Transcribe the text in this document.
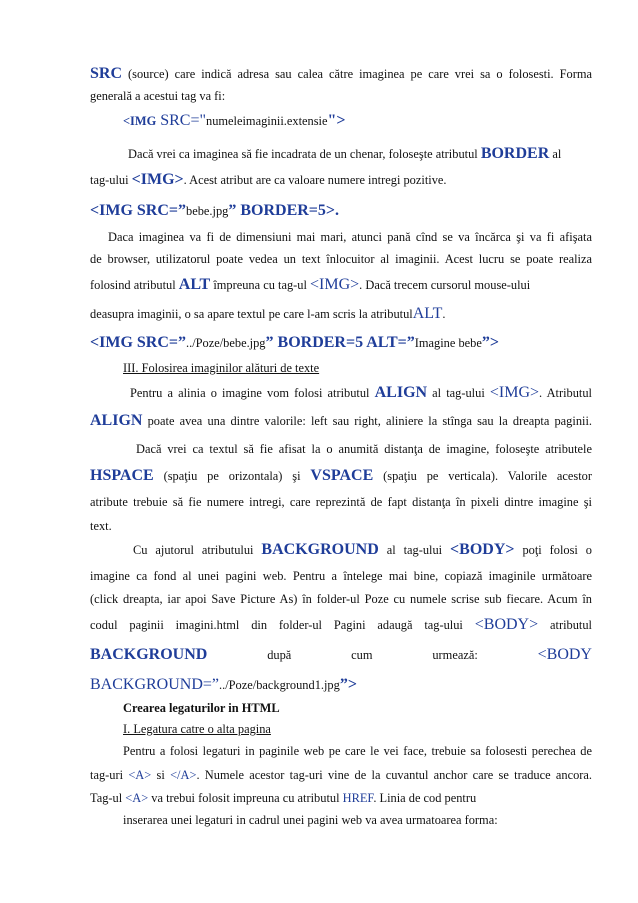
SRC (source) care indică adresa sau calea către imaginea pe care vrei sa o folosesti. Forma
generală a acestui tag va fi:
<IMG SRC="numeleimaginii.extensie">
Dacă vrei ca imaginea să fie incadrata de un chenar, foloseşte atributul BORDER al
tag-ului <IMG>. Acest atribut are ca valoare numere intregi pozitive.
<IMG SRC=”bebe.jpg” BORDER=5>.
Daca imaginea va fi de dimensiuni mai mari, atunci pană cînd se va încărca şi va fi afişata
de browser, utilizatorul poate vedea un text înlocuitor al imaginii. Acest lucru se poate realiza
folosind atributul ALT împreuna cu tag-ul <IMG>. Dacă trecem cursorul mouse-ului
deasupra imaginii, o sa apare textul pe care l-am scris la atributulALT.
<IMG SRC=”../Poze/bebe.jpg” BORDER=5 ALT=”Imagine bebe”>
III. Folosirea imaginilor alături de texte
Pentru a alinia o imagine vom folosi atributul ALIGN al tag-ului <IMG>. Atributul
ALIGN poate avea una dintre valorile: left sau right, aliniere la stînga sau la dreapta paginii.
Dacă vrei ca textul să fie afisat la o anumită distanţa de imagine, foloseşte atributele
HSPACE (spaţiu pe orizontala) şi VSPACE (spaţiu pe verticala). Valorile acestor
atribute trebuie să fie numere intregi, care reprezintă de fapt distanţa în pixeli dintre imagine şi
text.
Cu ajutorul atributului BACKGROUND al tag-ului <BODY> poţi folosi o
imagine ca fond al unei pagini web. Pentru a întelege mai bine, copiază imaginile următoare
(click dreapta, iar apoi Save Picture As) în folder-ul Poze cu numele scrise sub fiecare. Acum în
codul paginii imagini.html din folder-ul Pagini adaugă tag-ului <BODY> atributul
BACKGROUND	după	cum	urmează:	<BODY
BACKGROUND=”../Poze/background1.jpg”>
Crearea legaturilor in HTML
I. Legatura catre o alta pagina
Pentru a folosi legaturi in paginile web pe care le vei face, trebuie sa folosesti perechea de
tag-uri <A> si </A>. Numele acestor tag-uri vine de la cuvantul anchor care se traduce ancora.
Tag-ul <A> va trebui folosit impreuna cu atributul HREF. Linia de cod pentru
inserarea unei legaturi in cadrul unei pagini web va avea urmatoarea forma:
